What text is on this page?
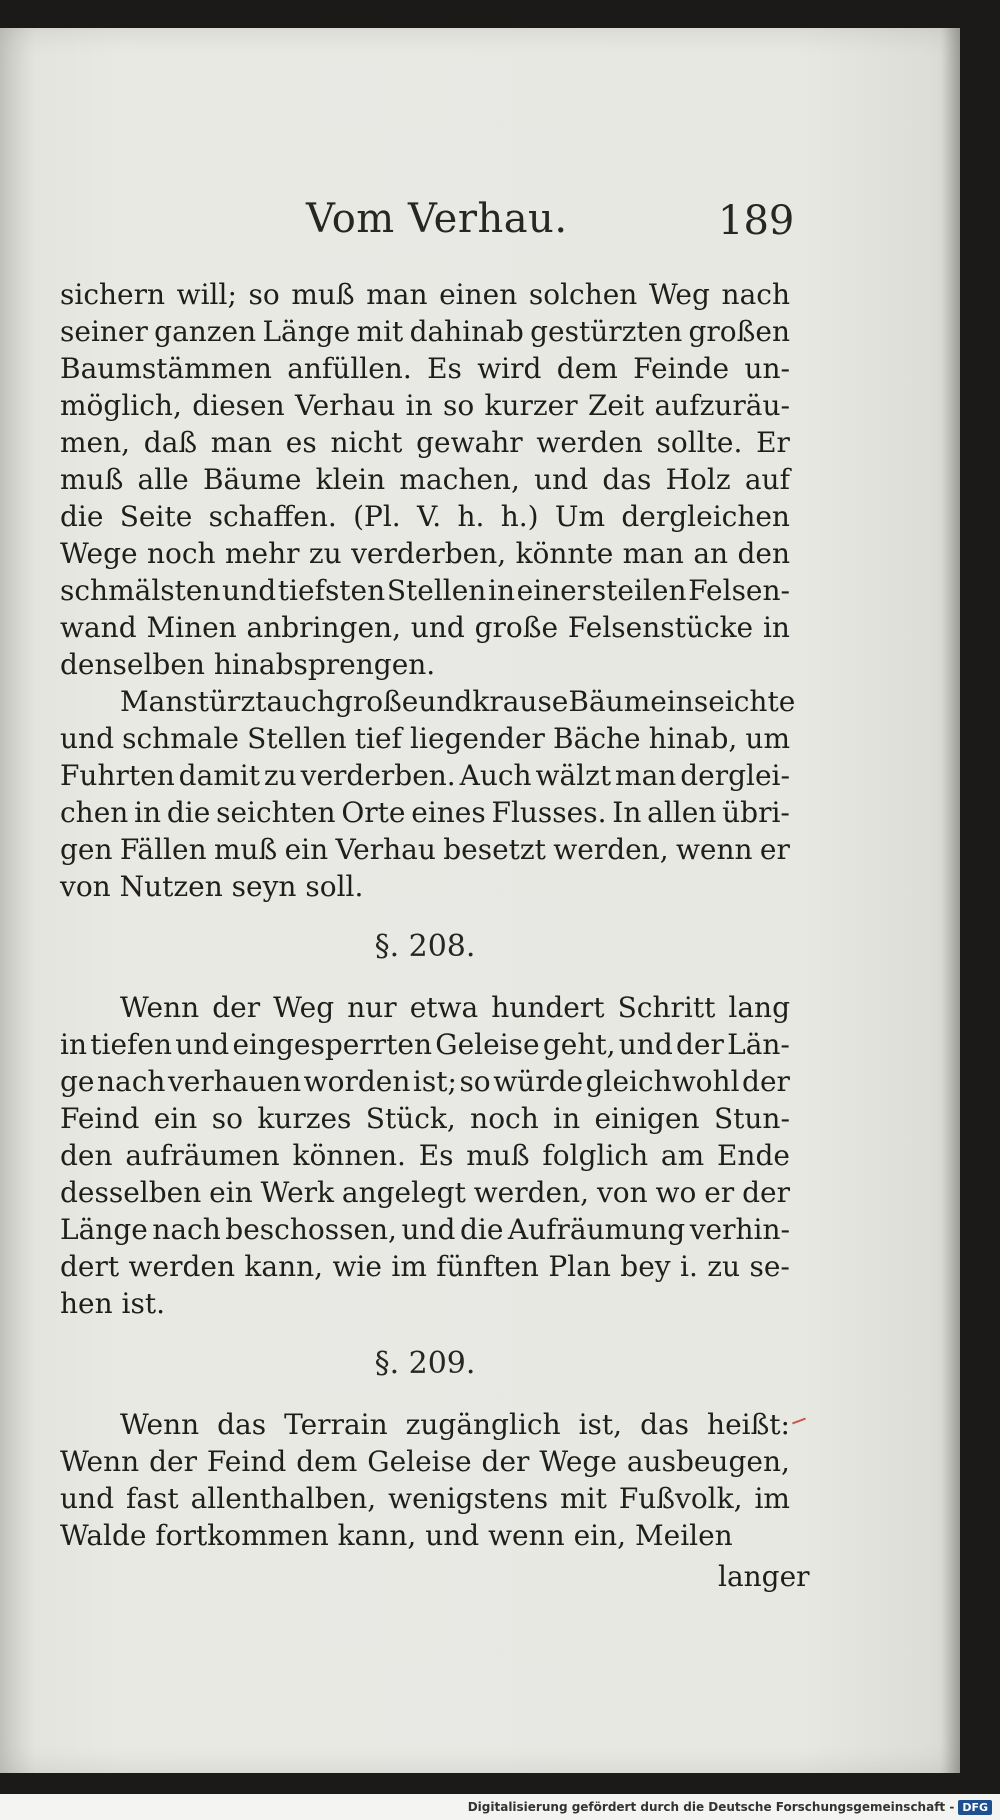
Vom Verhau.	189
sichern will; so muß man einen solchen Weg nach
seiner ganzen Länge mit dahinab gestürzten großen
Baumstämmen anfüllen. Es wird dem Feinde un-
möglich, diesen Verhau in so kurzer Zeit aufzuräu-
men, daß man es nicht gewahr werden sollte. Er
muß alle Bäume klein machen, und das Holz auf
die Seite schaffen. (Pl. V. h. h.) Um dergleichen
Wege noch mehr zu verderben, könnte man an den
schmälsten und tiefsten Stellen in einer steilen Felsen-
wand Minen anbringen, und große Felsenstücke in
denselben hinabsprengen.
Man stürzt auch große und krause Bäume in seichte
und schmale Stellen tief liegender Bäche hinab, um
Fuhrten damit zu verderben. Auch wälzt man derglei-
chen in die seichten Orte eines Flusses. In allen übri-
gen Fällen muß ein Verhau besetzt werden, wenn er
von Nutzen seyn soll.
§. 208.
Wenn der Weg nur etwa hundert Schritt lang
in tiefen und eingesperrten Geleise geht, und der Län-
ge nach verhauen worden ist; so würde gleichwohl der
Feind ein so kurzes Stück, noch in einigen Stun-
den aufräumen können. Es muß folglich am Ende
desselben ein Werk angelegt werden, von wo er der
Länge nach beschossen, und die Aufräumung verhin-
dert werden kann, wie im fünften Plan bey i. zu se-
hen ist.
§. 209.
Wenn das Terrain zugänglich ist, das heißt:
Wenn der Feind dem Geleise der Wege ausbeugen,
und fast allenthalben, wenigstens mit Fußvolk, im
Walde fortkommen kann, und wenn ein, Meilen
langer
Digitalisierung gefördert durch die Deutsche Forschungsgemeinschaft - DFG
